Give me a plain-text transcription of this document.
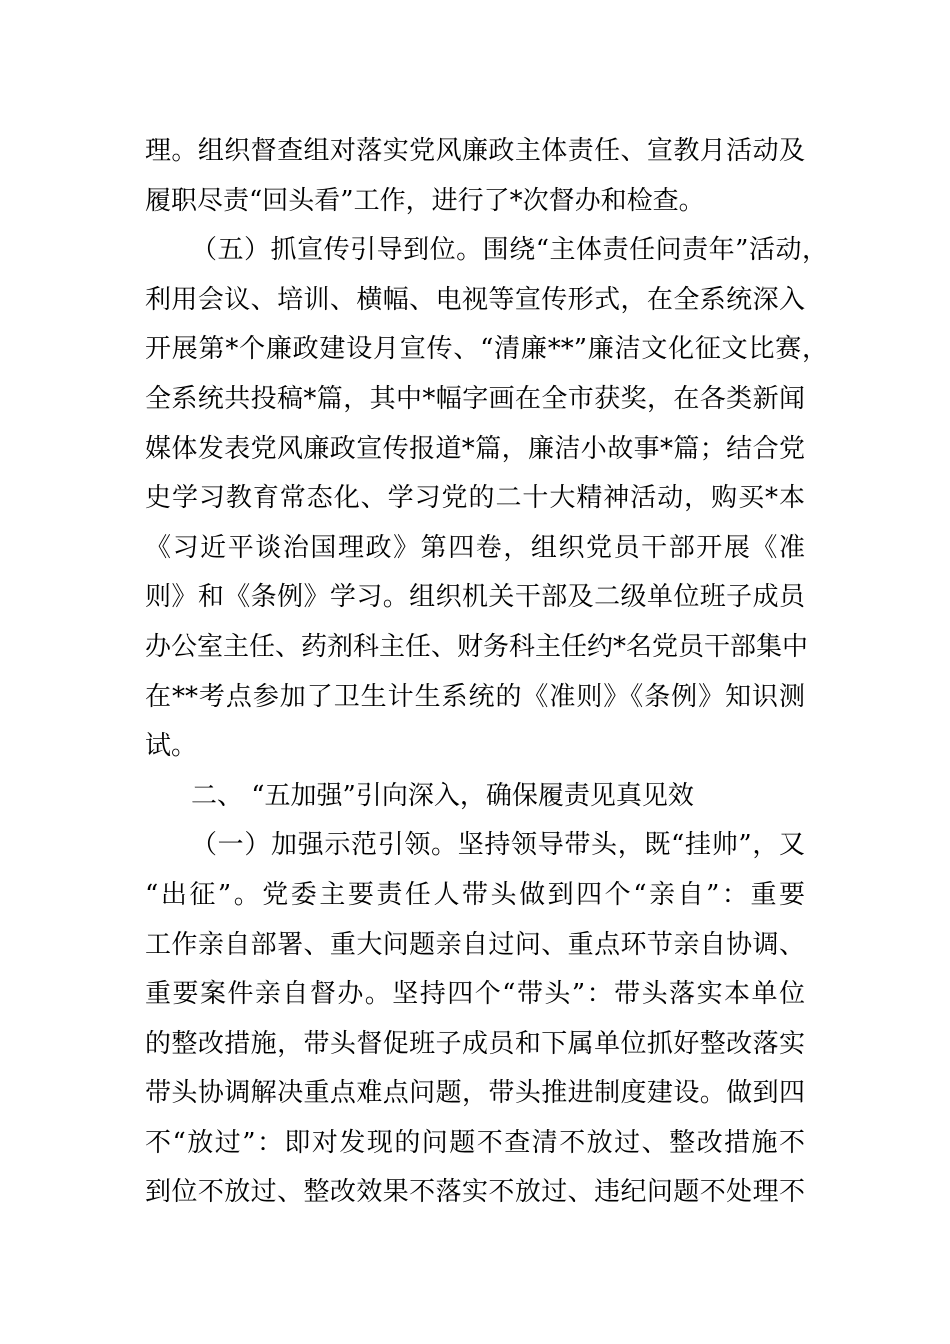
理。组织督查组对落实党风廉政主体责任、宣教月活动及
履职尽责“回头看”工作，进行了*次督办和检查。
（五）抓宣传引导到位。围绕“主体责任问责年”活动，
利用会议、培训、横幅、电视等宣传形式，在全系统深入
开展第*个廉政建设月宣传、“清廉**”廉洁文化征文比赛，
全系统共投稿*篇，其中*幅字画在全市获奖，在各类新闻
媒体发表党风廉政宣传报道*篇，廉洁小故事*篇；结合党
史学习教育常态化、学习党的二十大精神活动，购买*本
《习近平谈治国理政》第四卷，组织党员干部开展《准
则》和《条例》学习。组织机关干部及二级单位班子成员
办公室主任、药剂科主任、财务科主任约*名党员干部集中
在**考点参加了卫生计生系统的《准则》《条例》知识测
试。
二、 “五加强”引向深入，确保履责见真见效
（一）加强示范引领。坚持领导带头，既“挂帅”，又
“出征”。党委主要责任人带头做到四个“亲自”：重要
工作亲自部署、重大问题亲自过问、重点环节亲自协调、
重要案件亲自督办。坚持四个“带头”：带头落实本单位
的整改措施，带头督促班子成员和下属单位抓好整改落实
带头协调解决重点难点问题，带头推进制度建设。做到四
不“放过”：即对发现的问题不查清不放过、整改措施不
到位不放过、整改效果不落实不放过、违纪问题不处理不
